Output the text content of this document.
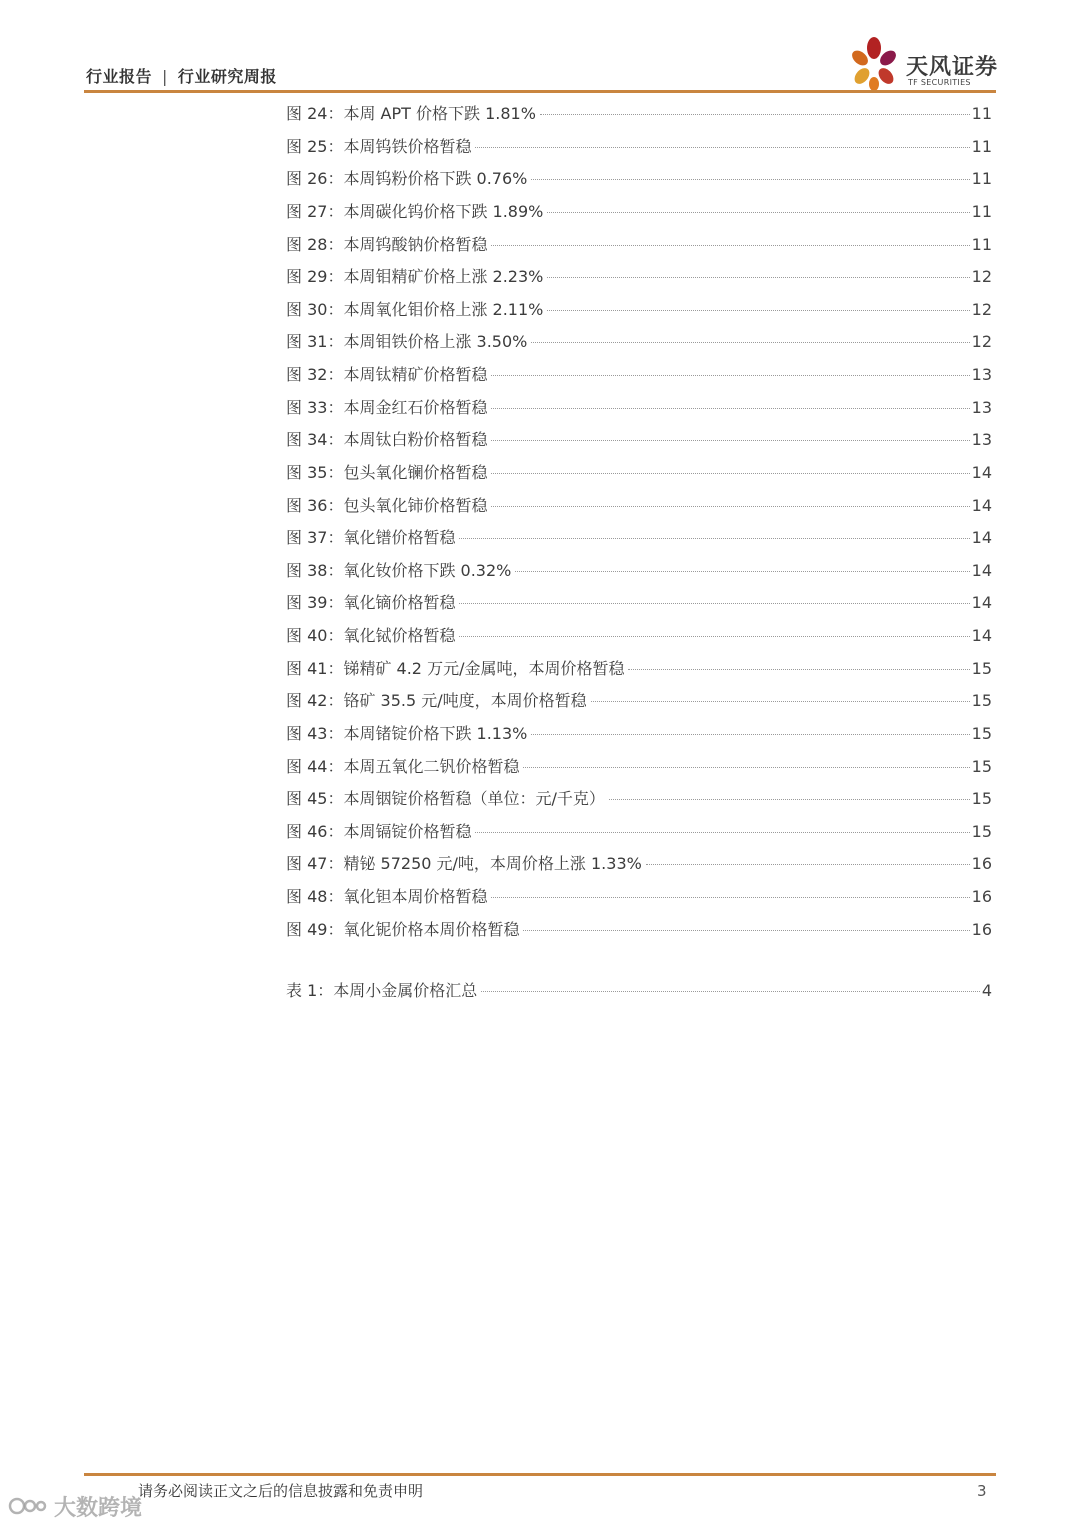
行业报告 | 行业研究周报	天风证券
TF SECURITIES
图 24：本周 APT 价格下跌 1.81%	11
图 25：本周钨铁价格暂稳	11
图 26：本周钨粉价格下跌 0.76%	11
图 27：本周碳化钨价格下跌 1.89%	11
图 28：本周钨酸钠价格暂稳	11
图 29：本周钼精矿价格上涨 2.23%	12
图 30：本周氧化钼价格上涨 2.11%	12
图 31：本周钼铁价格上涨 3.50%	12
图 32：本周钛精矿价格暂稳	13
图 33：本周金红石价格暂稳	13
图 34：本周钛白粉价格暂稳	13
图 35：包头氧化镧价格暂稳	14
图 36：包头氧化铈价格暂稳	14
图 37：氧化镨价格暂稳	14
图 38：氧化钕价格下跌 0.32%	14
图 39：氧化镝价格暂稳	14
图 40：氧化铽价格暂稳	14
图 41：锑精矿 4.2 万元/金属吨，本周价格暂稳	15
图 42：铬矿 35.5 元/吨度，本周价格暂稳	15
图 43：本周锗锭价格下跌 1.13%	15
图 44：本周五氧化二钒价格暂稳	15
图 45：本周铟锭价格暂稳（单位：元/千克）	15
图 46：本周镉锭价格暂稳	15
图 47：精铋 57250 元/吨，本周价格上涨 1.33%	16
图 48：氧化钽本周价格暂稳	16
图 49：氧化铌价格本周价格暂稳	16
表 1：本周小金属价格汇总	4
请务必阅读正文之后的信息披露和免责申明	3
大数跨境
